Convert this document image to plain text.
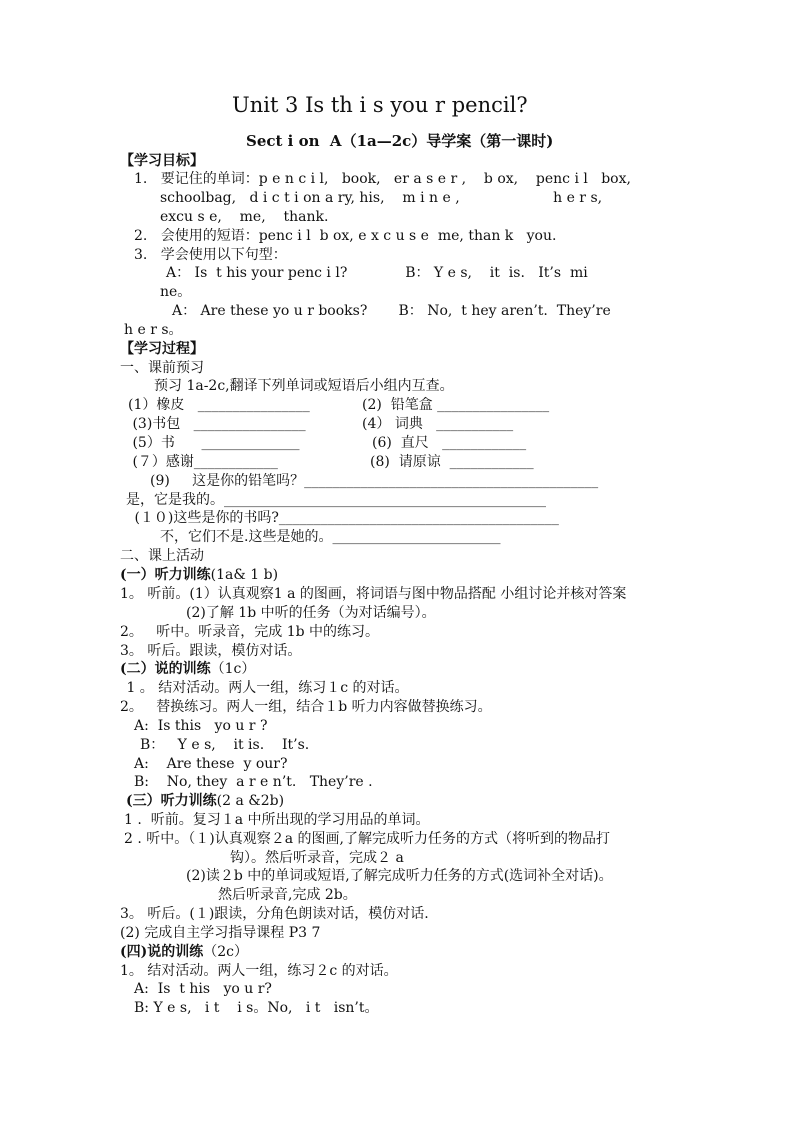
Unit 3 Is th i s you r pencil?
Sect i on  A（1a—2c）导学案（第一课时)
【学习目标】
1.   要记住的单词：p e n c i l,   book,   er a s e r ,    b ox,    penc i l   box,
schoolbag,   d i c t i on a ry, his,    m i n e ,                     h e r s,
excu s e,    me,    thank.
2.   会使用的短语：penc i l  b ox, e x c u s e  me, than k   you.
3.   学会使用以下句型：
A： Is  t his your penc i l?             B： Y e s,    it  is.   It’s  mi
ne。
A： Are these yo u r books?       B： No,  t hey aren’t.  They’re
h e r s。
【学习过程】
一、课前预习
预习 1a-2c,翻译下列单词或短语后小组内互查。
(1）橡皮   ________________	(2)  铅笔盒 ________________
(3)书包   ________________	(4） 词典   ___________
(5）书      ______________	(6)  直尺   ____________
(７）感谢____________	(8)  请原谅  ____________
(9)     这是你的铅笔吗？__________________________________________
是，它是我的。______________________________________________
(１０)这些是你的书吗?________________________________________
不，它们不是.这些是她的。________________________
二、课上活动
(一）听力训练(1a& 1 b)
1。 听前。(1）认真观察1 a 的图画，将词语与图中物品搭配 小组讨论并核对答案
(2)了解 1b 中听的任务（为对话编号）。
2。   听中。听录音，完成 1b 中的练习。
3。 听后。跟读，模仿对话。
(二）说的训练（1c）
1 。 结对活动。两人一组，练习１c 的对话。
2。   替换练习。两人一组，结合１b 听力内容做替换练习。
A:  Is this   yo u r ?
B：   Y e s,    it is.    It’s.
A:    Are these  y our?
B:    No, they  a r e n’t.   They’re .
(三）听力训练(2 a &2b)
1 .  听前。复习１a 中所出现的学习用品的单词。
2 . 听中。（１)认真观察２a 的图画,了解完成听力任务的方式（将听到的物品打
钩）。然后听录音，完成２ a
(2)读２b 中的单词或短语,了解完成听力任务的方式(选词补全对话)。
然后听录音,完成 2b。
3。 听后。(１)跟读，分角色朗读对话，模仿对话.
(2) 完成自主学习指导课程 P3 7
(四)说的训练（2c）
1。 结对活动。两人一组，练习２c 的对话。
A:  Is  t his   yo u r?
B: Y e s,   i t    i s。No,   i t   isn’t。
